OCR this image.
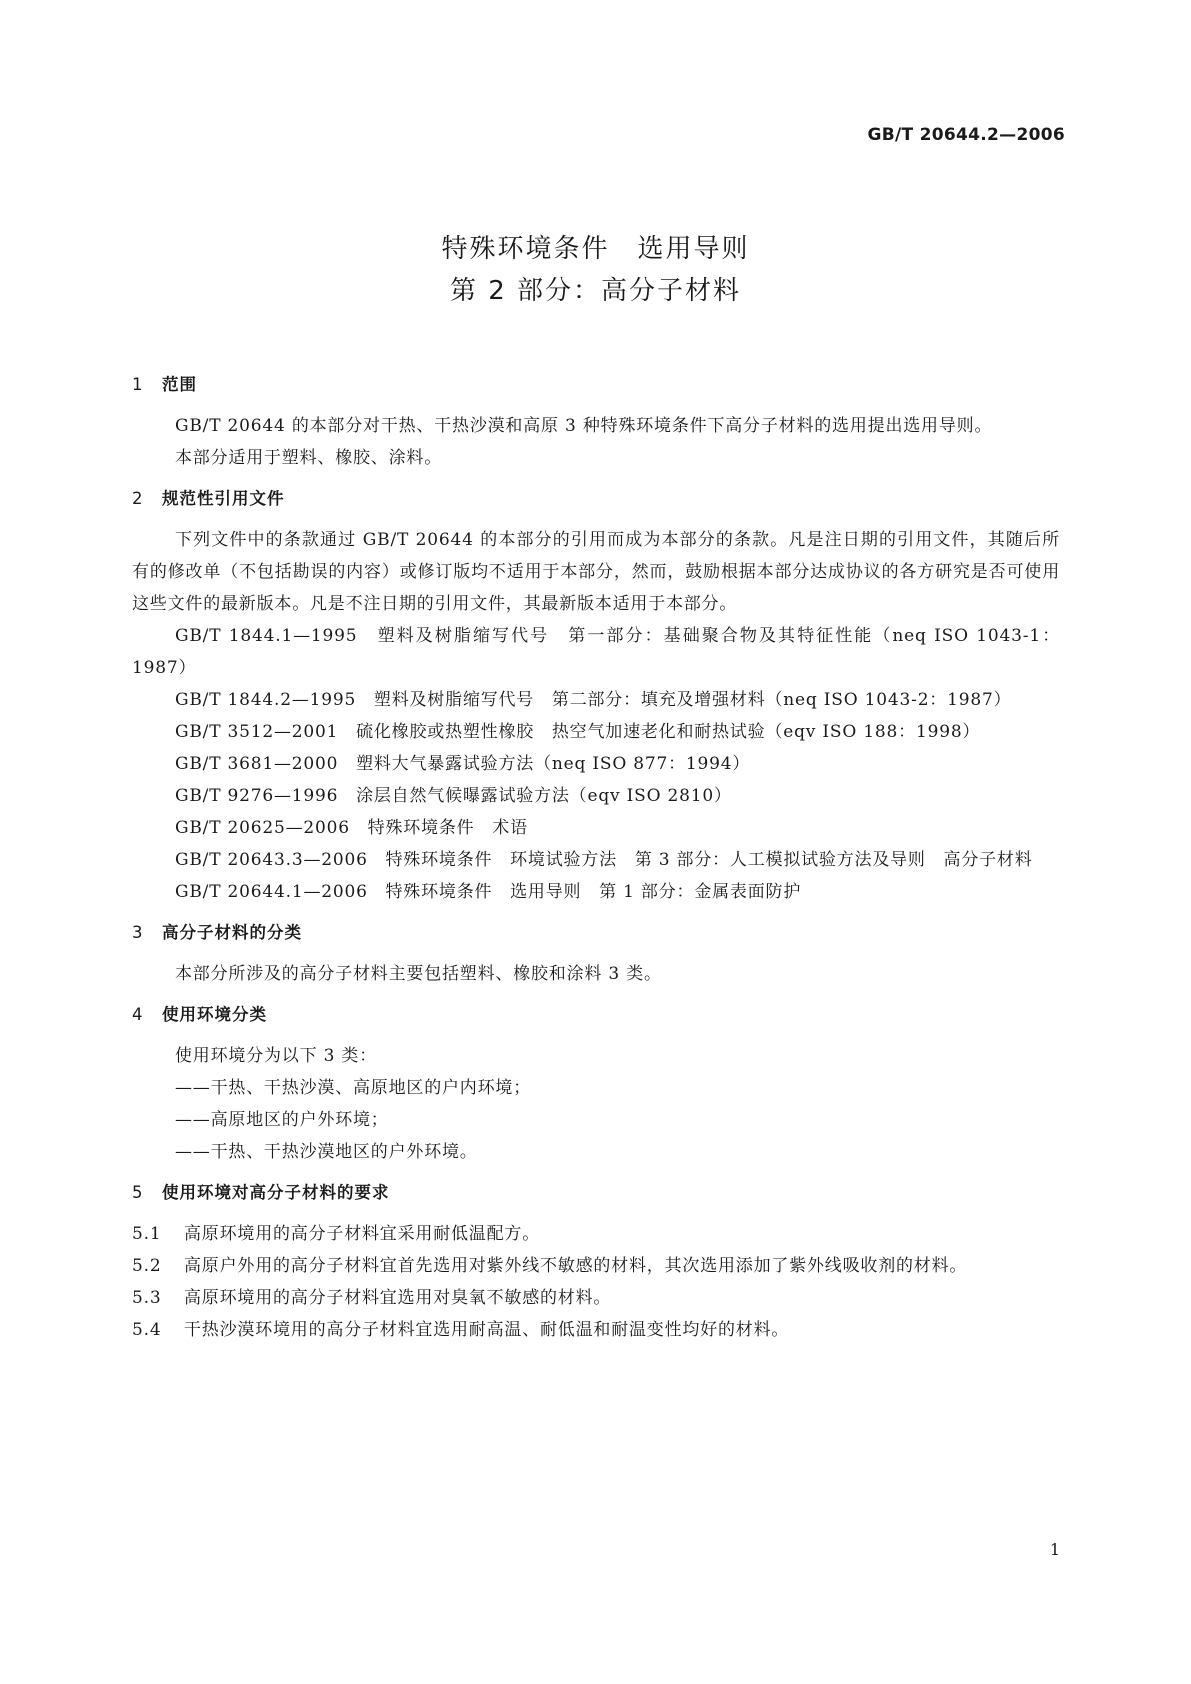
GB/T 20644.2—2006
特殊环境条件　选用导则
第 2 部分：高分子材料
1 范围
GB/T 20644 的本部分对干热、干热沙漠和高原 3 种特殊环境条件下高分子材料的选用提出选用导则。
本部分适用于塑料、橡胶、涂料。
2 规范性引用文件
下列文件中的条款通过 GB/T 20644 的本部分的引用而成为本部分的条款。凡是注日期的引用文件，其随后所有的修改单（不包括勘误的内容）或修订版均不适用于本部分，然而，鼓励根据本部分达成协议的各方研究是否可使用这些文件的最新版本。凡是不注日期的引用文件，其最新版本适用于本部分。
GB/T 1844.1—1995　塑料及树脂缩写代号　第一部分：基础聚合物及其特征性能（neq ISO 1043-1：1987）
GB/T 1844.2—1995　塑料及树脂缩写代号　第二部分：填充及增强材料（neq ISO 1043-2：1987）
GB/T 3512—2001　硫化橡胶或热塑性橡胶　热空气加速老化和耐热试验（eqv ISO 188：1998）
GB/T 3681—2000　塑料大气暴露试验方法（neq ISO 877：1994）
GB/T 9276—1996　涂层自然气候曝露试验方法（eqv ISO 2810）
GB/T 20625—2006　特殊环境条件　术语
GB/T 20643.3—2006　特殊环境条件　环境试验方法　第 3 部分：人工模拟试验方法及导则　高分子材料
GB/T 20644.1—2006　特殊环境条件　选用导则　第 1 部分：金属表面防护
3 高分子材料的分类
本部分所涉及的高分子材料主要包括塑料、橡胶和涂料 3 类。
4 使用环境分类
使用环境分为以下 3 类：
——干热、干热沙漠、高原地区的户内环境；
——高原地区的户外环境；
——干热、干热沙漠地区的户外环境。
5 使用环境对高分子材料的要求
5.1 高原环境用的高分子材料宜采用耐低温配方。
5.2 高原户外用的高分子材料宜首先选用对紫外线不敏感的材料，其次选用添加了紫外线吸收剂的材料。
5.3 高原环境用的高分子材料宜选用对臭氧不敏感的材料。
5.4 干热沙漠环境用的高分子材料宜选用耐高温、耐低温和耐温变性均好的材料。
1
